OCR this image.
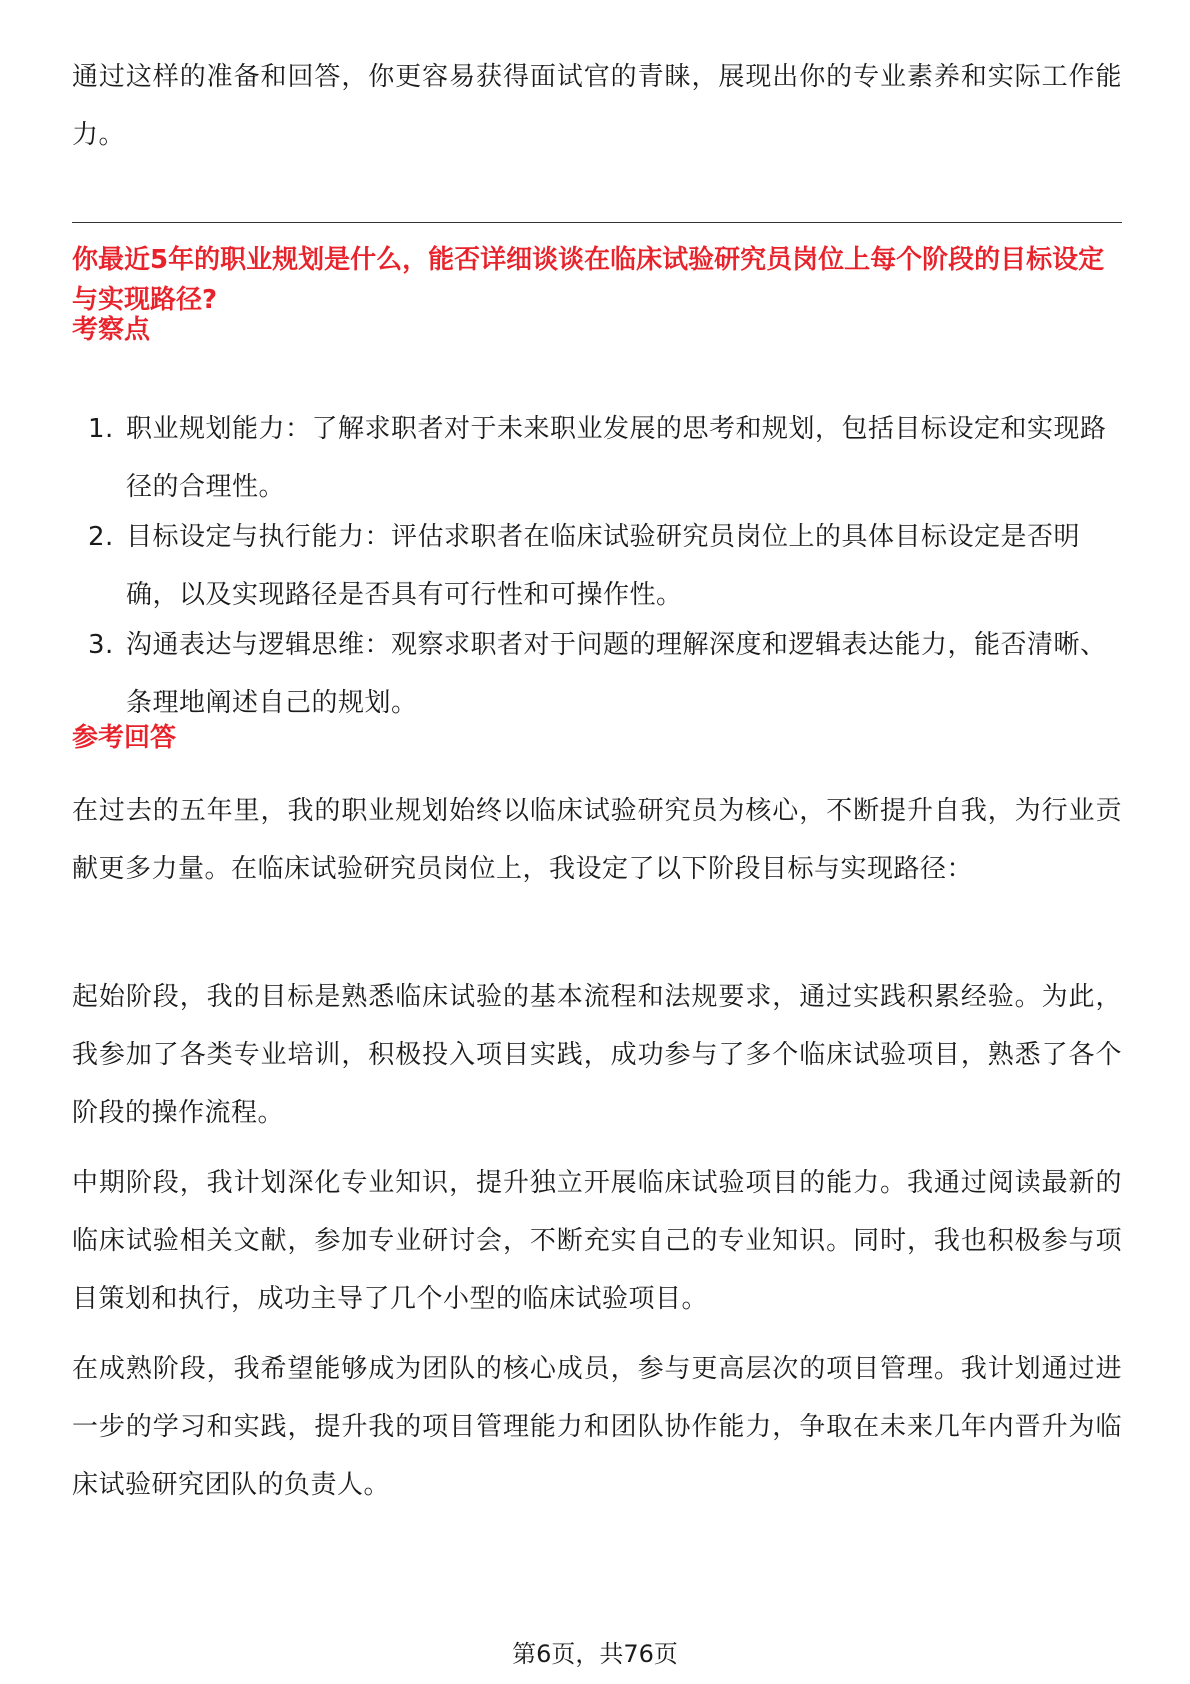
通过这样的准备和回答，你更容易获得面试官的青睐，展现出你的专业素养和实际工作能力。

你最近5年的职业规划是什么，能否详细谈谈在临床试验研究员岗位上每个阶段的目标设定与实现路径?

考察点

1. 职业规划能力：了解求职者对于未来职业发展的思考和规划，包括目标设定和实现路径的合理性。
2. 目标设定与执行能力：评估求职者在临床试验研究员岗位上的具体目标设定是否明确，以及实现路径是否具有可行性和可操作性。
3. 沟通表达与逻辑思维：观察求职者对于问题的理解深度和逻辑表达能力，能否清晰、条理地阐述自己的规划。

参考回答

在过去的五年里，我的职业规划始终以临床试验研究员为核心，不断提升自我，为行业贡献更多力量。在临床试验研究员岗位上，我设定了以下阶段目标与实现路径：

起始阶段，我的目标是熟悉临床试验的基本流程和法规要求，通过实践积累经验。为此，我参加了各类专业培训，积极投入项目实践，成功参与了多个临床试验项目，熟悉了各个阶段的操作流程。

中期阶段，我计划深化专业知识，提升独立开展临床试验项目的能力。我通过阅读最新的临床试验相关文献，参加专业研讨会，不断充实自己的专业知识。同时，我也积极参与项目策划和执行，成功主导了几个小型的临床试验项目。

在成熟阶段，我希望能够成为团队的核心成员，参与更高层次的项目管理。我计划通过进一步的学习和实践，提升我的项目管理能力和团队协作能力，争取在未来几年内晋升为临床试验研究团队的负责人。

第6页，共76页
